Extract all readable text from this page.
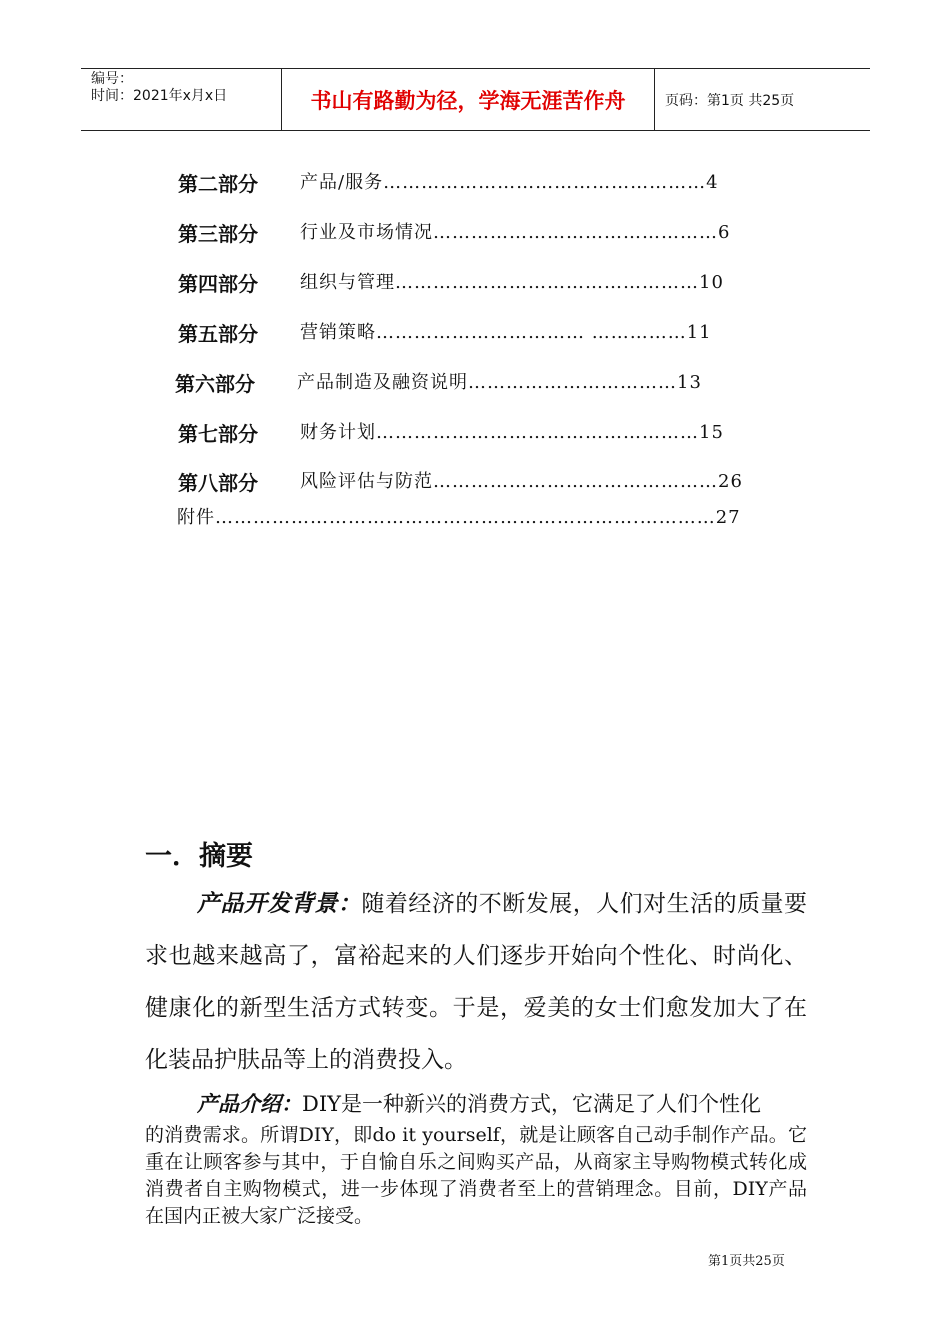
编号：
时间：2021年x月x日	书山有路勤为径，学海无涯苦作舟	页码：第1页 共25页
第二部分 产品/服务……………………………………………4
第三部分 行业及市场情况………………………………………6
第四部分 组织与管理…………………………………………10
第五部分 营销策略…………………………… ……………11
第六部分 产品制造及融资说明……………………………13
第七部分 财务计划……………………………………………15
第八部分 风险评估与防范………………………………………26
附件………………………………………………………….…………27
一．摘要
产品开发背景：随着经济的不断发展，人们对生活的质量要求也越来越高了，富裕起来的人们逐步开始向个性化、时尚化、健康化的新型生活方式转变。于是，爱美的女士们愈发加大了在化装品护肤品等上的消费投入。
产品介绍：DIY是一种新兴的消费方式，它满足了人们个性化
的消费需求。所谓DIY，即do it yourself，就是让顾客自己动手制作产品。它重在让顾客参与其中，于自愉自乐之间购买产品，从商家主导购物模式转化成消费者自主购物模式，进一步体现了消费者至上的营销理念。目前，DIY产品在国内正被大家广泛接受。
第1页共25页
